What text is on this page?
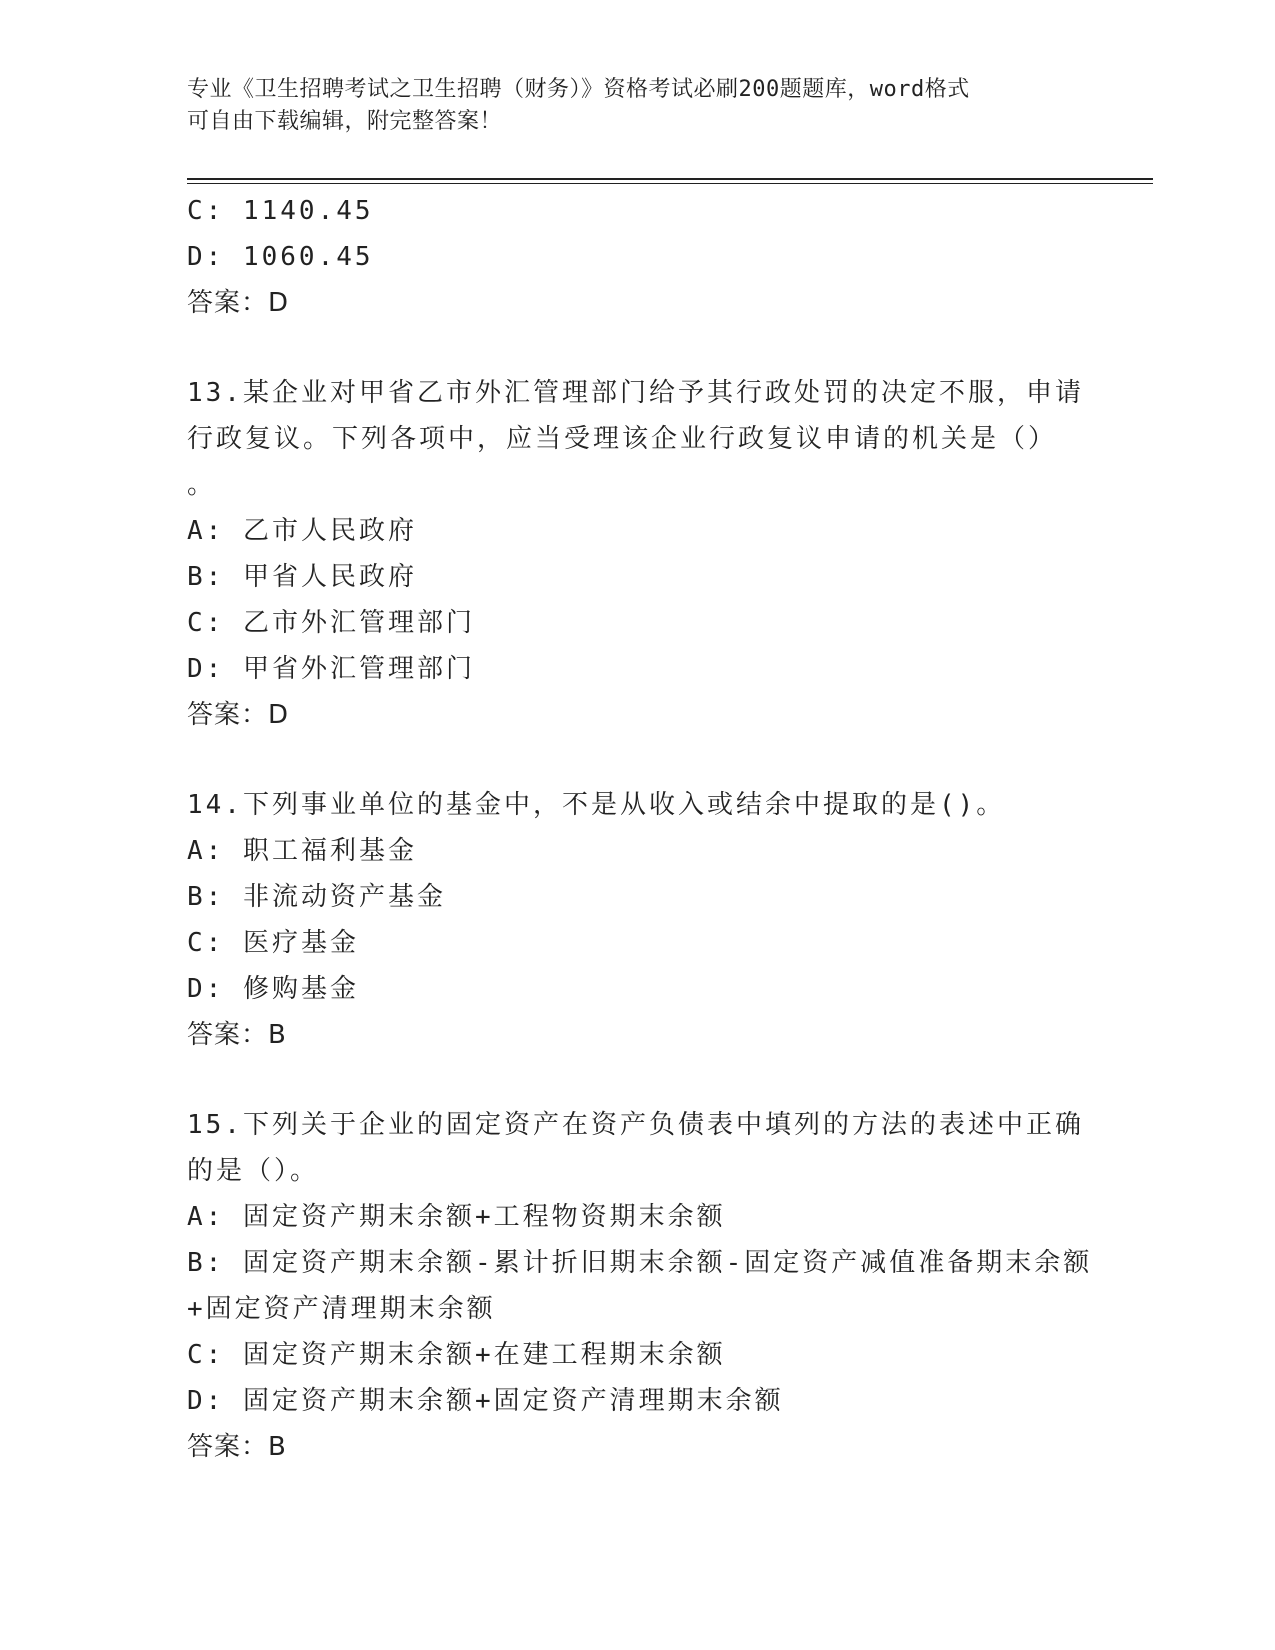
专业《卫生招聘考试之卫生招聘（财务）》资格考试必刷200题题库，word格式
可自由下载编辑，附完整答案！
C: 1140.45
D: 1060.45
答案：D
13.某企业对甲省乙市外汇管理部门给予其行政处罚的决定不服，申请
行政复议。下列各项中，应当受理该企业行政复议申请的机关是（）
。
A: 乙市人民政府
B: 甲省人民政府
C: 乙市外汇管理部门
D: 甲省外汇管理部门
答案：D
14.下列事业单位的基金中，不是从收入或结余中提取的是()。
A: 职工福利基金
B: 非流动资产基金
C: 医疗基金
D: 修购基金
答案：B
15.下列关于企业的固定资产在资产负债表中填列的方法的表述中正确
的是（）。
A: 固定资产期末余额+工程物资期末余额
B: 固定资产期末余额-累计折旧期末余额-固定资产减值准备期末余额
+固定资产清理期末余额
C: 固定资产期末余额+在建工程期末余额
D: 固定资产期末余额+固定资产清理期末余额
答案：B
